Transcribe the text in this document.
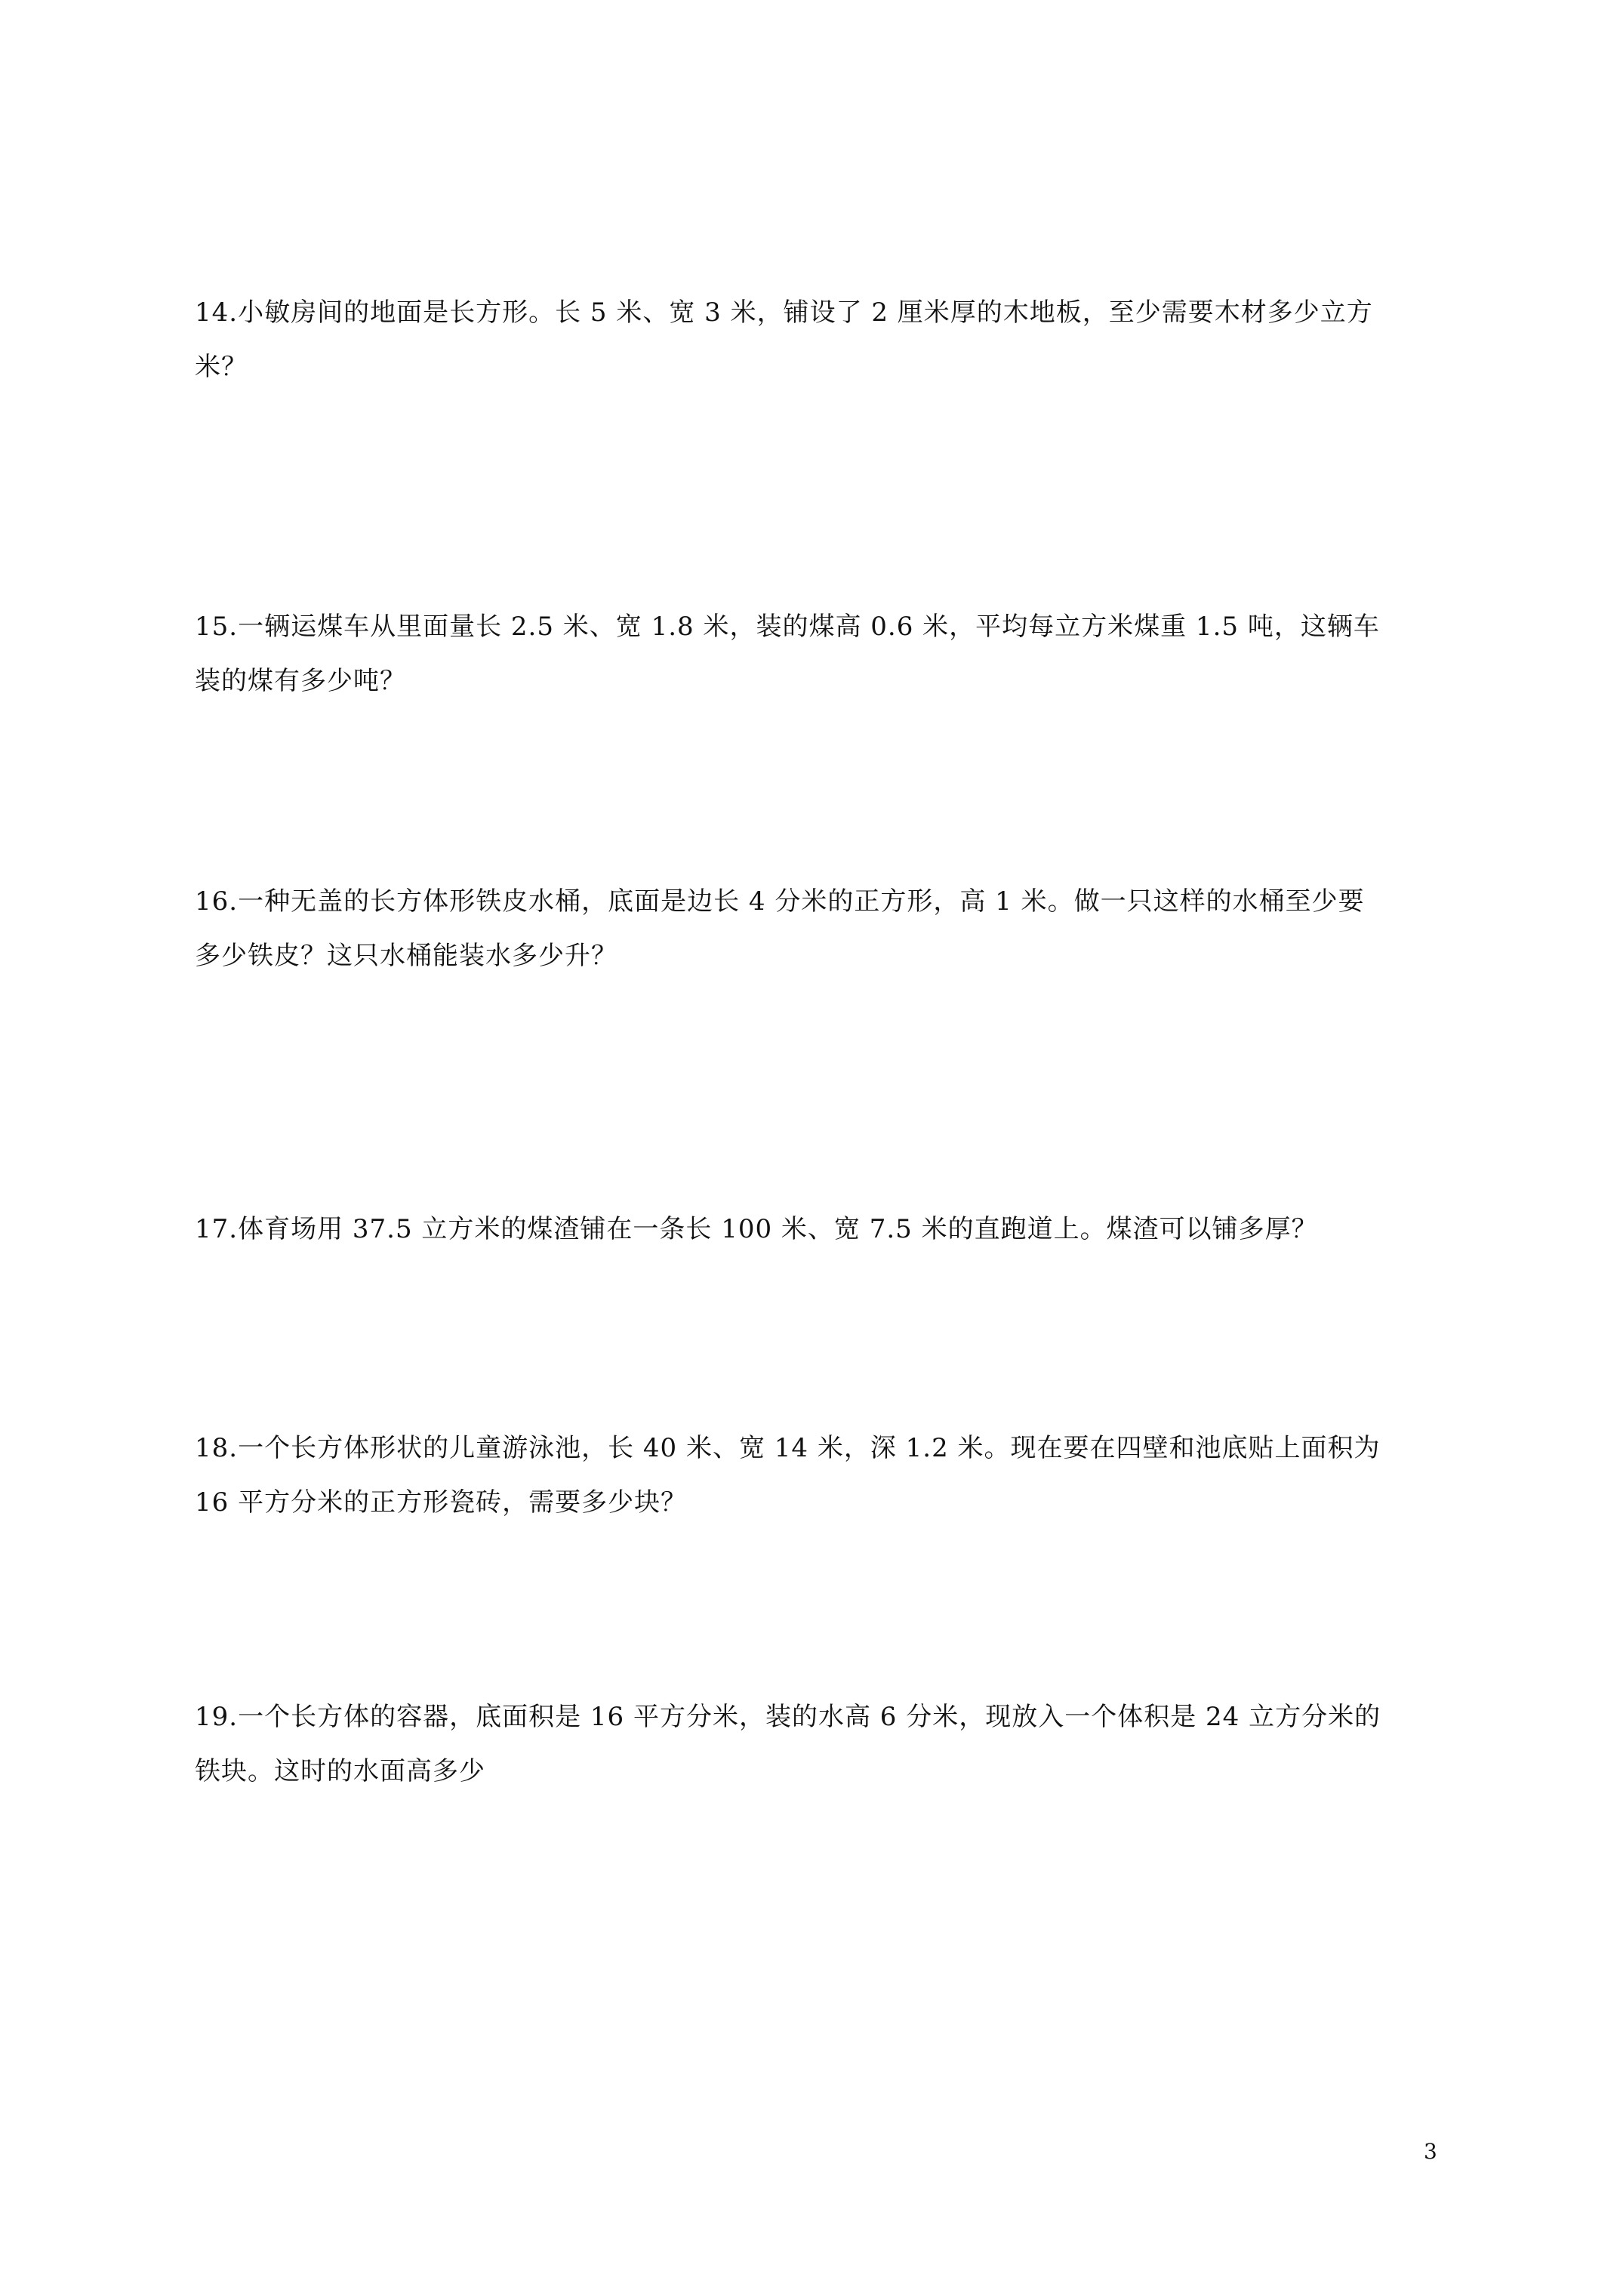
14.小敏房间的地面是长方形。长 5 米、宽 3 米，铺设了 2 厘米厚的木地板，至少需要木材多少立方
米？
15.一辆运煤车从里面量长 2.5 米、宽 1.8 米，装的煤高 0.6 米，平均每立方米煤重 1.5 吨，这辆车
装的煤有多少吨？
16.一种无盖的长方体形铁皮水桶，底面是边长 4 分米的正方形，高 1 米。做一只这样的水桶至少要
多少铁皮？这只水桶能装水多少升？
17.体育场用 37.5 立方米的煤渣铺在一条长 100 米、宽 7.5 米的直跑道上。煤渣可以铺多厚？
18.一个长方体形状的儿童游泳池，长 40 米、宽 14 米，深 1.2 米。现在要在四壁和池底贴上面积为
16 平方分米的正方形瓷砖，需要多少块？
19.一个长方体的容器，底面积是 16 平方分米，装的水高 6 分米，现放入一个体积是 24 立方分米的
铁块。这时的水面高多少
3
